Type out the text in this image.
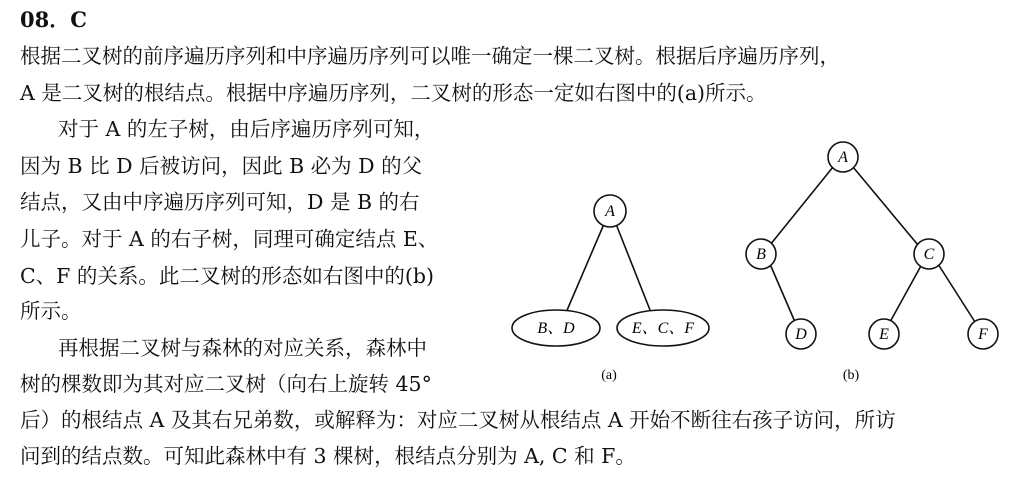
08．C
根据二叉树的前序遍历序列和中序遍历序列可以唯一确定一棵二叉树。根据后序遍历序列，
A 是二叉树的根结点。根据中序遍历序列，二叉树的形态一定如右图中的(a)所示。
对于 A 的左子树，由后序遍历序列可知，
因为 B 比 D 后被访问，因此 B 必为 D 的父
结点，又由中序遍历序列可知，D 是 B 的右
儿子。对于 A 的右子树，同理可确定结点 E、
C、F 的关系。此二叉树的形态如右图中的(b)
所示。
再根据二叉树与森林的对应关系，森林中
树的棵数即为其对应二叉树（向右上旋转 45°
后）的根结点 A 及其右兄弟数，或解释为：对应二叉树从根结点 A 开始不断往右孩子访问，所访
问到的结点数。可知此森林中有 3 棵树，根结点分别为 A, C 和 F。
A
B、D	E、C、F
(a)
A
B	C
D	E	F
(b)
